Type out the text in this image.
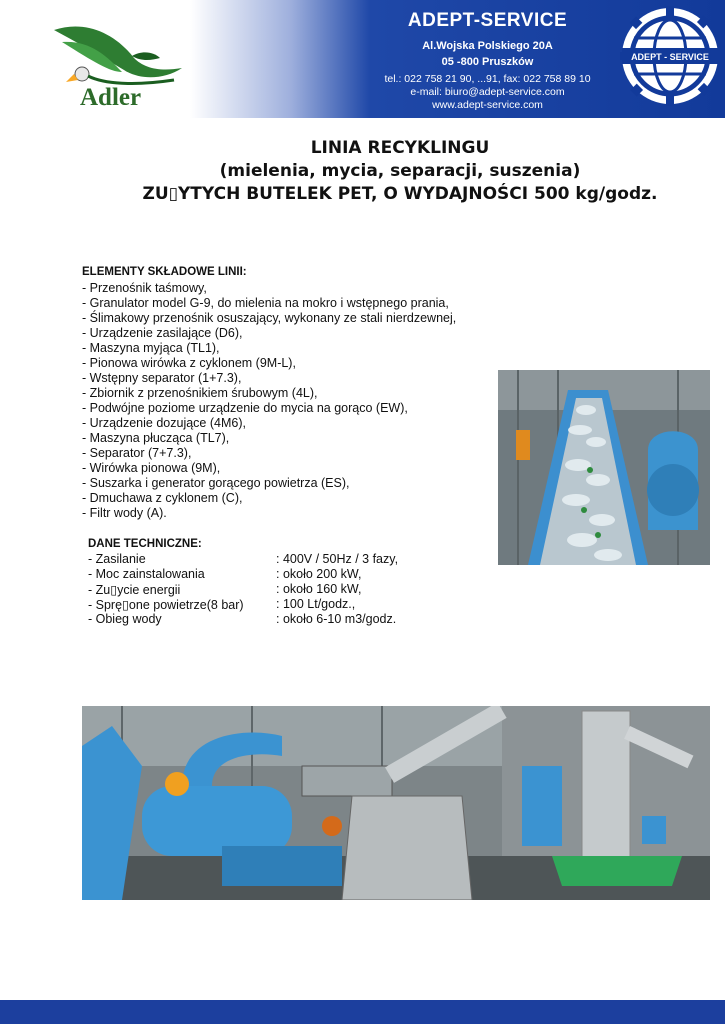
Adler
ADEPT-SERVICE
Al.Wojska Polskiego 20A
05 -800 Pruszków
tel.: 022 758 21 90, ...91, fax: 022 758 89 10
e-mail: biuro@adept-service.com
www.adept-service.com
ADEPT - SERVICE
LINIA RECYKLINGU
(mielenia, mycia, separacji, suszenia)
ZU▯YTYCH BUTELEK PET, O WYDAJNOŚCI 500 kg/godz.
ELEMENTY SKŁADOWE LINII:
- Przenośnik taśmowy,
- Granulator model G-9, do mielenia na mokro i wstępnego prania,
- Ślimakowy przenośnik osuszający, wykonany ze stali nierdzewnej,
- Urządzenie zasilające (D6),
- Maszyna myjąca (TL1),
- Pionowa wirówka z cyklonem (9M-L),
- Wstępny separator (1+7.3),
- Zbiornik z przenośnikiem śrubowym (4L),
- Podwójne poziome urządzenie do mycia na gorąco (EW),
- Urządzenie dozujące (4M6),
- Maszyna płucząca (TL7),
- Separator (7+7.3),
- Wirówka pionowa (9M),
- Suszarka i generator gorącego powietrza (ES),
- Dmuchawa z cyklonem (C),
- Filtr wody (A).
DANE TECHNICZNE:
- Zasilanie	: 400V / 50Hz / 3 fazy,
- Moc zainstalowania	: około 200 kW,
- Zu▯ycie energii	: około 160 kW,
- Sprę▯one powietrze(8 bar)	: 100 Lt/godz.,
- Obieg wody	: około 6-10 m3/godz.
